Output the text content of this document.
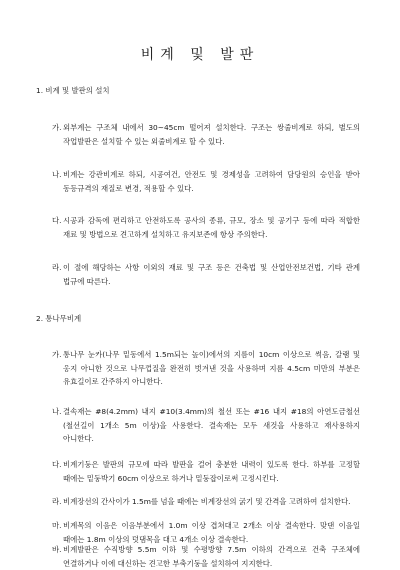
비계 및 발판
1. 비계 및 발판의 설치
가. 외부계는 구조체 내에서 30~45cm 떨어져 설치한다. 구조는 쌍줄비계로 하되, 별도의 작업발판은 설치할 수 있는 외줄비계로 할 수 있다.
나. 비계는 강관비계로 하되, 시공여건, 안전도 및 경제성을 고려하여 담당원의 승인을 받아 동등규격의 재질로 변경, 적용할 수 있다.
다. 시공과 감독에 편리하고 안전하도록 공사의 종류, 규모, 장소 및 공기구 등에 따라 적합한 재료 및 방법으로 견고하게 설치하고 유지보존에 항상 주의한다.
라. 이 절에 해당하는 사항 이외의 재료 및 구조 등은 건축법 및 산업안전보건법, 기타 관계 법규에 따른다.
2. 통나무비계
가. 통나무 눈카(나무 밑동에서 1.5m되는 높이)에서의 지름이 10cm 이상으로 썩음, 갈램 및 옹지 아니한 것으로 나무껍질을 완전히 벗겨낸 것을 사용하며 지름 4.5cm 미만의 부분은 유효길이로 간주하지 아니한다.
나. 결속재는 #8(4.2mm) 내지 #10(3.4mm)의 철선 또는 #16 내지 #18의 아연도금철선(철선길이 1개소 5m 이상)을 사용한다. 결속재는 모두 새것을 사용하고 재사용하지 아니한다.
다. 비계기둥은 발판의 규모에 따라 발판을 걸어 충분한 내력이 있도록 한다. 하부를 고정할 때에는 밑둥박기 60cm 이상으로 하거나 밑둥잡이로써 고정시킨다.
라. 비계장선의 간사이가 1.5m를 넘을 때에는 비계장선의 굵기 및 간격을 고려하여 설치한다.
마. 비계목의 이음은 이음부분에서 1.0m 이상 겹쳐대고 2개소 이상 결속한다. 맞댄 이음일 때에는 1.8m 이상의 덧댐목을 대고 4개소 이상 결속한다.
바. 비계발판은 수직방향 5.5m 이하 및 수평방향 7.5m 이하의 간격으로 건축 구조체에 연결하거나 이에 대신하는 견고한 부축기둥을 설치하여 지지한다.
